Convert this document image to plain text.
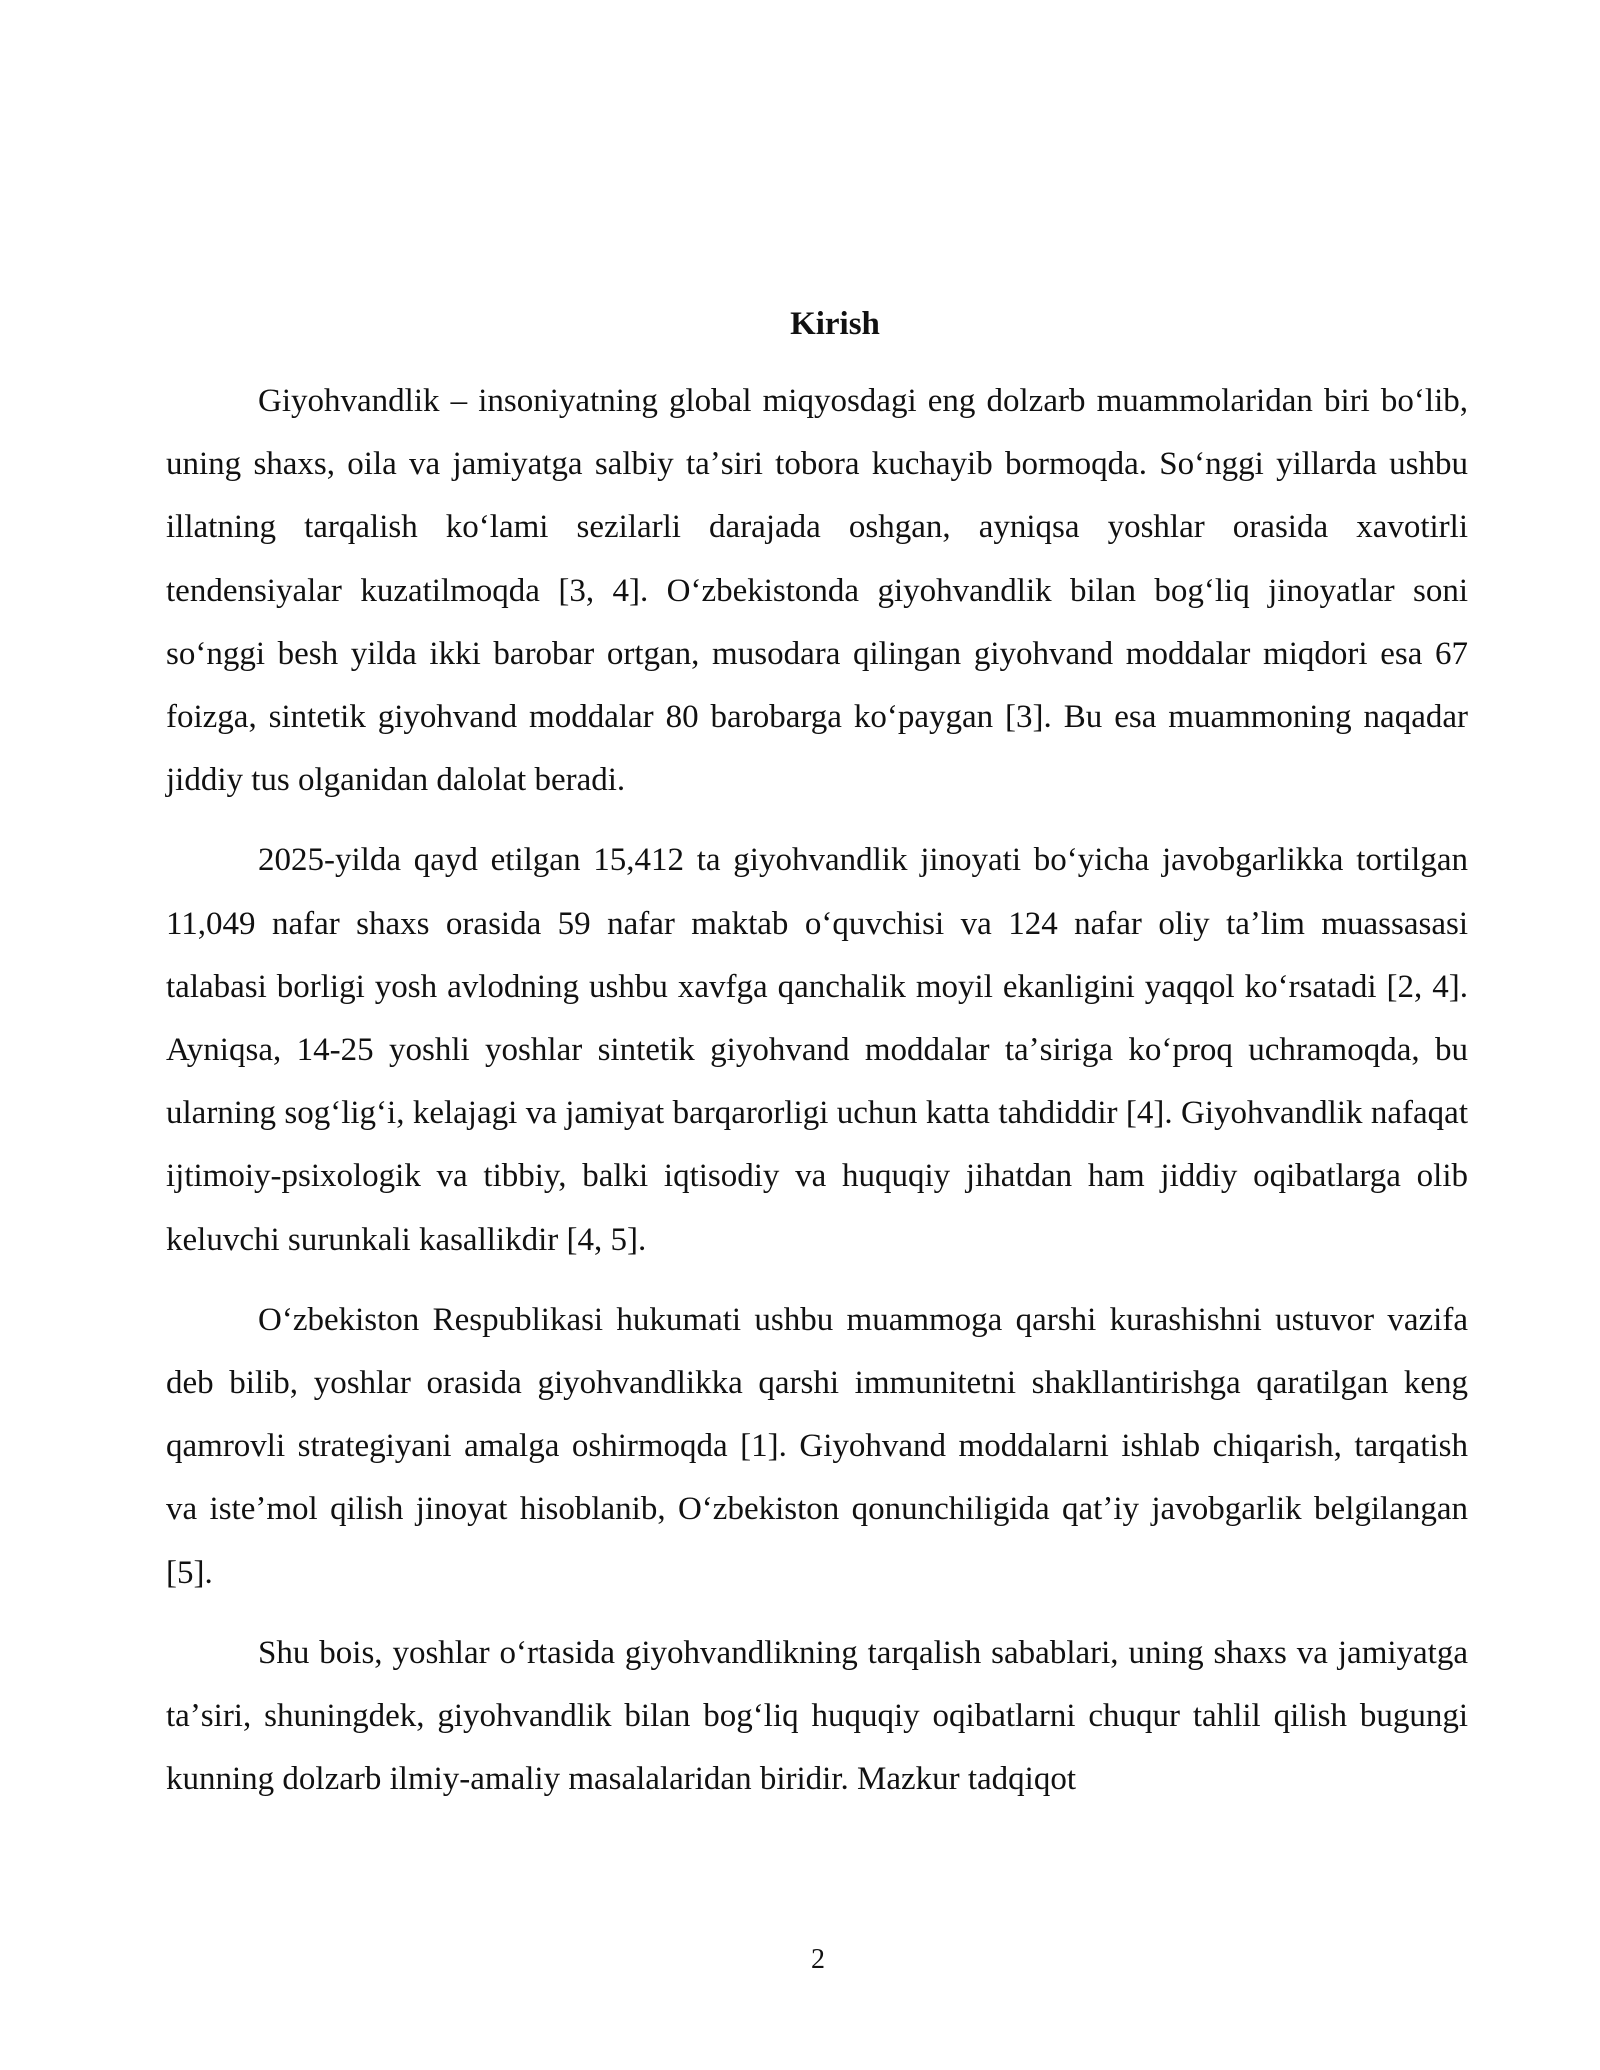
Kirish

Giyohvandlik – insoniyatning global miqyosdagi eng dolzarb muammolaridan biri boʻlib, uning shaxs, oila va jamiyatga salbiy taʼsiri tobora kuchayib bormoqda. Soʻnggi yillarda ushbu illatning tarqalish koʻlami sezilarli darajada oshgan, ayniqsa yoshlar orasida xavotirli tendensiyalar kuzatilmoqda [3, 4]. Oʻzbekistonda giyohvandlik bilan bogʻliq jinoyatlar soni soʻnggi besh yilda ikki barobar ortgan, musodara qilingan giyohvand moddalar miqdori esa 67 foizga, sintetik giyohvand moddalar 80 barobarga koʻpaygan [3]. Bu esa muammoning naqadar jiddiy tus olganidan dalolat beradi.

2025-yilda qayd etilgan 15,412 ta giyohvandlik jinoyati boʻyicha javobgarlikka tortilgan 11,049 nafar shaxs orasida 59 nafar maktab oʻquvchisi va 124 nafar oliy taʼlim muassasasi talabasi borligi yosh avlodning ushbu xavfga qanchalik moyil ekanligini yaqqol koʻrsatadi [2, 4]. Ayniqsa, 14-25 yoshli yoshlar sintetik giyohvand moddalar taʼsiriga koʻproq uchramoqda, bu ularning sogʻligʻi, kelajagi va jamiyat barqarorligi uchun katta tahdiddir [4]. Giyohvandlik nafaqat ijtimoiy-psixologik va tibbiy, balki iqtisodiy va huquqiy jihatdan ham jiddiy oqibatlarga olib keluvchi surunkali kasallikdir [4, 5].

Oʻzbekiston Respublikasi hukumati ushbu muammoga qarshi kurashishni ustuvor vazifa deb bilib, yoshlar orasida giyohvandlikka qarshi immunitetni shakllantirishga qaratilgan keng qamrovli strategiyani amalga oshirmoqda [1]. Giyohvand moddalarni ishlab chiqarish, tarqatish va isteʼmol qilish jinoyat hisoblanib, Oʻzbekiston qonunchiligida qatʼiy javobgarlik belgilangan [5].

Shu bois, yoshlar oʻrtasida giyohvandlikning tarqalish sabablari, uning shaxs va jamiyatga taʼsiri, shuningdek, giyohvandlik bilan bogʻliq huquqiy oqibatlarni chuqur tahlil qilish bugungi kunning dolzarb ilmiy-amaliy masalalaridan biridir. Mazkur tadqiqot

2
